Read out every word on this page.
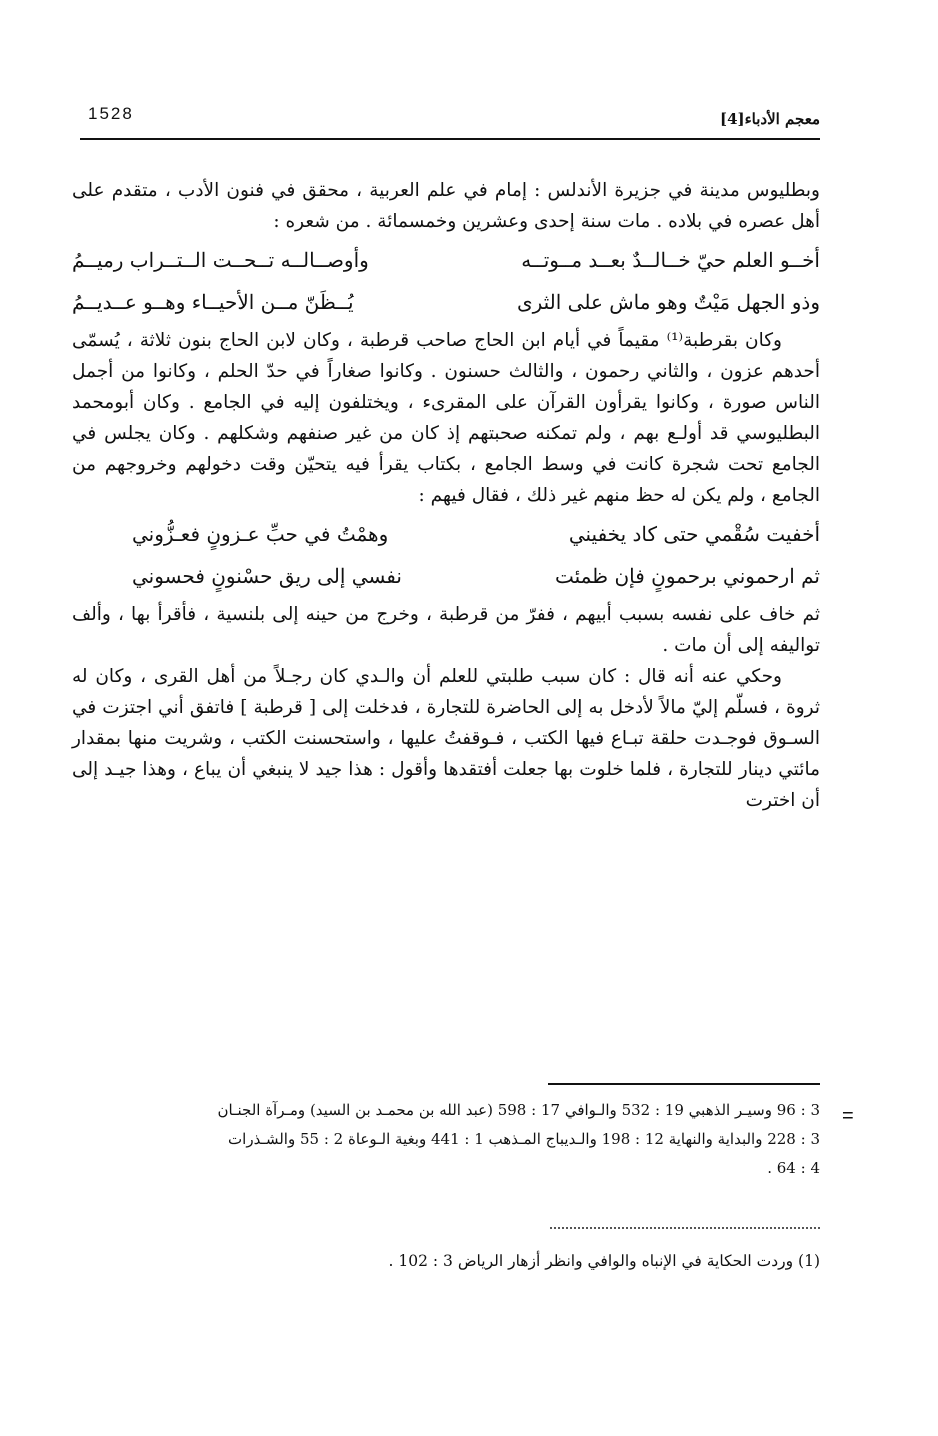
معجم الأدباء[4]
1528

وبطليوس مدينة في جزيرة الأندلس : إمام في علم العربية ، محقق في فنون الأدب ، متقدم على أهل عصره في بلاده . مات سنة إحدى وعشرين وخمسمائة . من شعره :

أخــو العلم حيّ خــالــدٌ بعــد مــوتــه
وأوصــالــه تــحــت الــتــراب رميــمُ
وذو الجهل مَيْتٌ وهو ماش على الثرى
يُــظَنّ مــن الأحيــاء وهــو عــديــمُ

وكان بقرطبة⁽¹⁾ مقيماً في أيام ابن الحاج صاحب قرطبة ، وكان لابن الحاج بنون ثلاثة ، يُسمّى أحدهم عزون ، والثاني رحمون ، والثالث حسنون . وكانوا صغاراً في حدّ الحلم ، وكانوا من أجمل الناس صورة ، وكانوا يقرأون القرآن على المقرىء ، ويختلفون إليه في الجامع . وكان أبومحمد البطليوسي قد أولـع بهم ، ولم تمكنه صحبتهم إذ كان من غير صنفهم وشكلهم . وكان يجلس في الجامع تحت شجرة كانت في وسط الجامع ، بكتاب يقرأ فيه يتحيّن وقت دخولهم وخروجهم من الجامع ، ولم يكن له حظ منهم غير ذلك ، فقال فيهم :

أخفيت سُقْمي حتى كاد يخفيني
وهمْتُ في حبِّ عـزونٍ فعـزُّوني
ثم ارحموني برحمونٍ فإن ظمئت
نفسي إلى ريق حسْنونٍ فحسوني

ثم خاف على نفسه بسبب أبيهم ، ففرّ من قرطبة ، وخرج من حينه إلى بلنسية ، فأقرأ بها ، وألف تواليفه إلى أن مات .

وحكي عنه أنه قال : كان سبب طلبتي للعلم أن والـدي كان رجـلاً من أهل القرى ، وكان له ثروة ، فسلّم إليّ مالاً لأدخل به إلى الحاضرة للتجارة ، فدخلت إلى [ قرطبة ] فاتفق أني اجتزت في السـوق فوجـدت حلقة تبـاع فيها الكتب ، فـوقفتُ عليها ، واستحسنت الكتب ، وشريت منها بمقدار مائتي دينار للتجارة ، فلما خلوت بها جعلت أفتقدها وأقول : هذا جيد لا ينبغي أن يباع ، وهذا جيـد إلى أن اخترت

=

3 : 96 وسيـر الذهبي 19 : 532 والـوافي 17 : 598 (عبد الله بن محمـد بن السيد) ومـرآة الجنـان

3 : 228 والبداية والنهاية 12 : 198 والـديباج المـذهب 1 : 441 وبغية الـوعاة 2 : 55 والشـذرات

4 : 64 .

(1) وردت الحكاية في الإنباه والوافي وانظر أزهار الرياض 3 : 102 .
